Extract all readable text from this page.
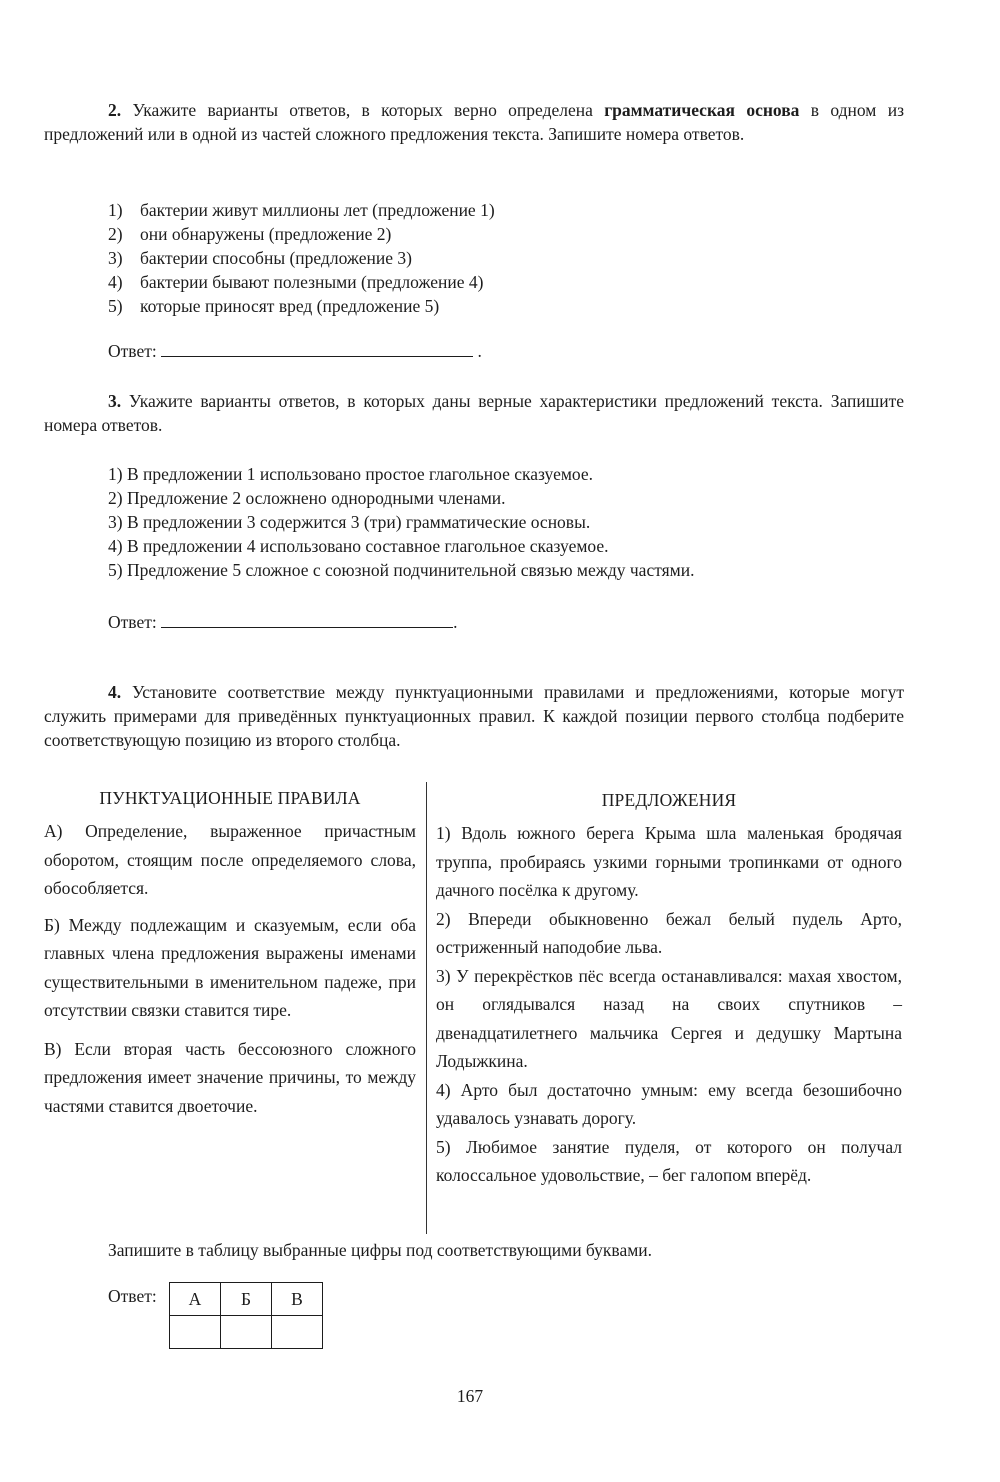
2. Укажите варианты ответов, в которых верно определена грамматическая основа в одном из предложений или в одной из частей сложного предложения текста. Запишите номера ответов.

1) бактерии живут миллионы лет (предложение 1)
2) они обнаружены (предложение 2)
3) бактерии способны (предложение 3)
4) бактерии бывают полезными (предложение 4)
5) которые приносят вред (предложение 5)
Ответ:	.

3. Укажите варианты ответов, в которых даны верные характеристики предложений текста. Запишите номера ответов.

1) В предложении 1 использовано простое глагольное сказуемое.
2) Предложение 2 осложнено однородными членами.
3) В предложении 3 содержится 3 (три) грамматические основы.
4) В предложении 4 использовано составное глагольное сказуемое.
5) Предложение 5 сложное с союзной подчинительной связью между частями.
Ответ:	.

4. Установите соответствие между пунктуационными правилами и предложениями, которые могут служить примерами для приведённых пунктуационных правил. К каждой позиции первого столбца подберите соответствующую позицию из второго столбца.

ПУНКТУАЦИОННЫЕ ПРАВИЛА	ПРЕДЛОЖЕНИЯ

А) Определение, выраженное причастным оборотом, стоящим после определяемого слова, обособляется.

Б) Между подлежащим и сказуемым, если оба главных члена предложения выражены именами существительными в именительном падеже, при отсутствии связки ставится тире.

В) Если вторая часть бессоюзного сложного предложения имеет значение причины, то между частями ставится двоеточие.

1) Вдоль южного берега Крыма шла маленькая бродячая труппа, пробираясь узкими горными тропинками от одного дачного посёлка к другому.

2) Впереди обыкновенно бежал белый пудель Арто, остриженный наподобие льва.

3) У перекрёстков пёс всегда останавливался: махая хвостом, он оглядывался назад на своих спутников – двенадцатилетнего мальчика Сергея и дедушку Мартына Лодыжкина.

4) Арто был достаточно умным: ему всегда безошибочно удавалось узнавать дорогу.

5) Любимое занятие пуделя, от которого он получал колоссальное удовольствие, – бег галопом вперёд.

Запишите в таблицу выбранные цифры под соответствующими буквами.
Ответ: А	Б	В

167
